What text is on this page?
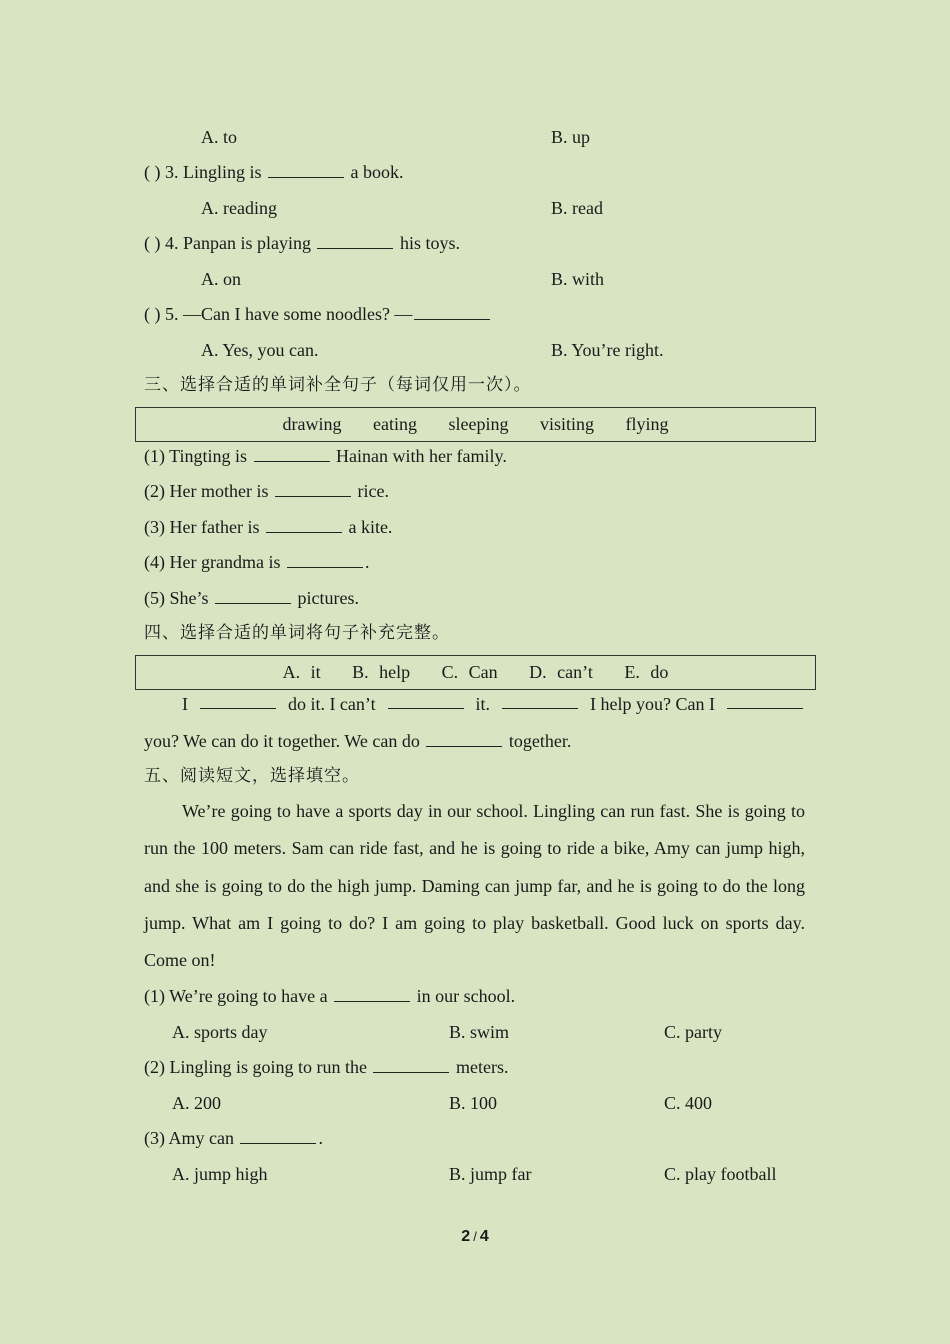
A. to	B. up
( ) 3. Lingling is	a book.
A. reading	B. read
( ) 4. Panpan is playing	his toys.
A. on	B. with
( ) 5. —Can I have some noodles? —
A. Yes, you can.	B. You’re right.
三、选择合适的单词补全句子（每词仅用一次）。
drawing   eating   sleeping   visiting   flying
(1) Tingting is	Hainan with her family.
(2) Her mother is	rice.
(3) Her father is	a kite.
(4) Her grandma is	.
(5) She’s	pictures.
四、选择合适的单词将句子补充完整。
A. it   B. help   C. Can   D. can’t   E. do
I	do it. I can’t	it.	I help you? Can I
you? We can do it together. We can do	together.
五、阅读短文，选择填空。
We’re going to have a sports day in our school. Lingling can run fast. She is going to run the 100 meters. Sam can ride fast, and he is going to ride a bike, Amy can jump high, and she is going to do the high jump. Daming can jump far, and he is going to do the long jump. What am I going to do? I am going to play basketball. Good luck on sports day. Come on!
(1) We’re going to have a	in our school.
A. sports day	B. swim	C. party
(2) Lingling is going to run the	meters.
A. 200	B. 100	C. 400
(3) Amy can	.
A. jump high	B. jump far	C. play football
2 / 4
